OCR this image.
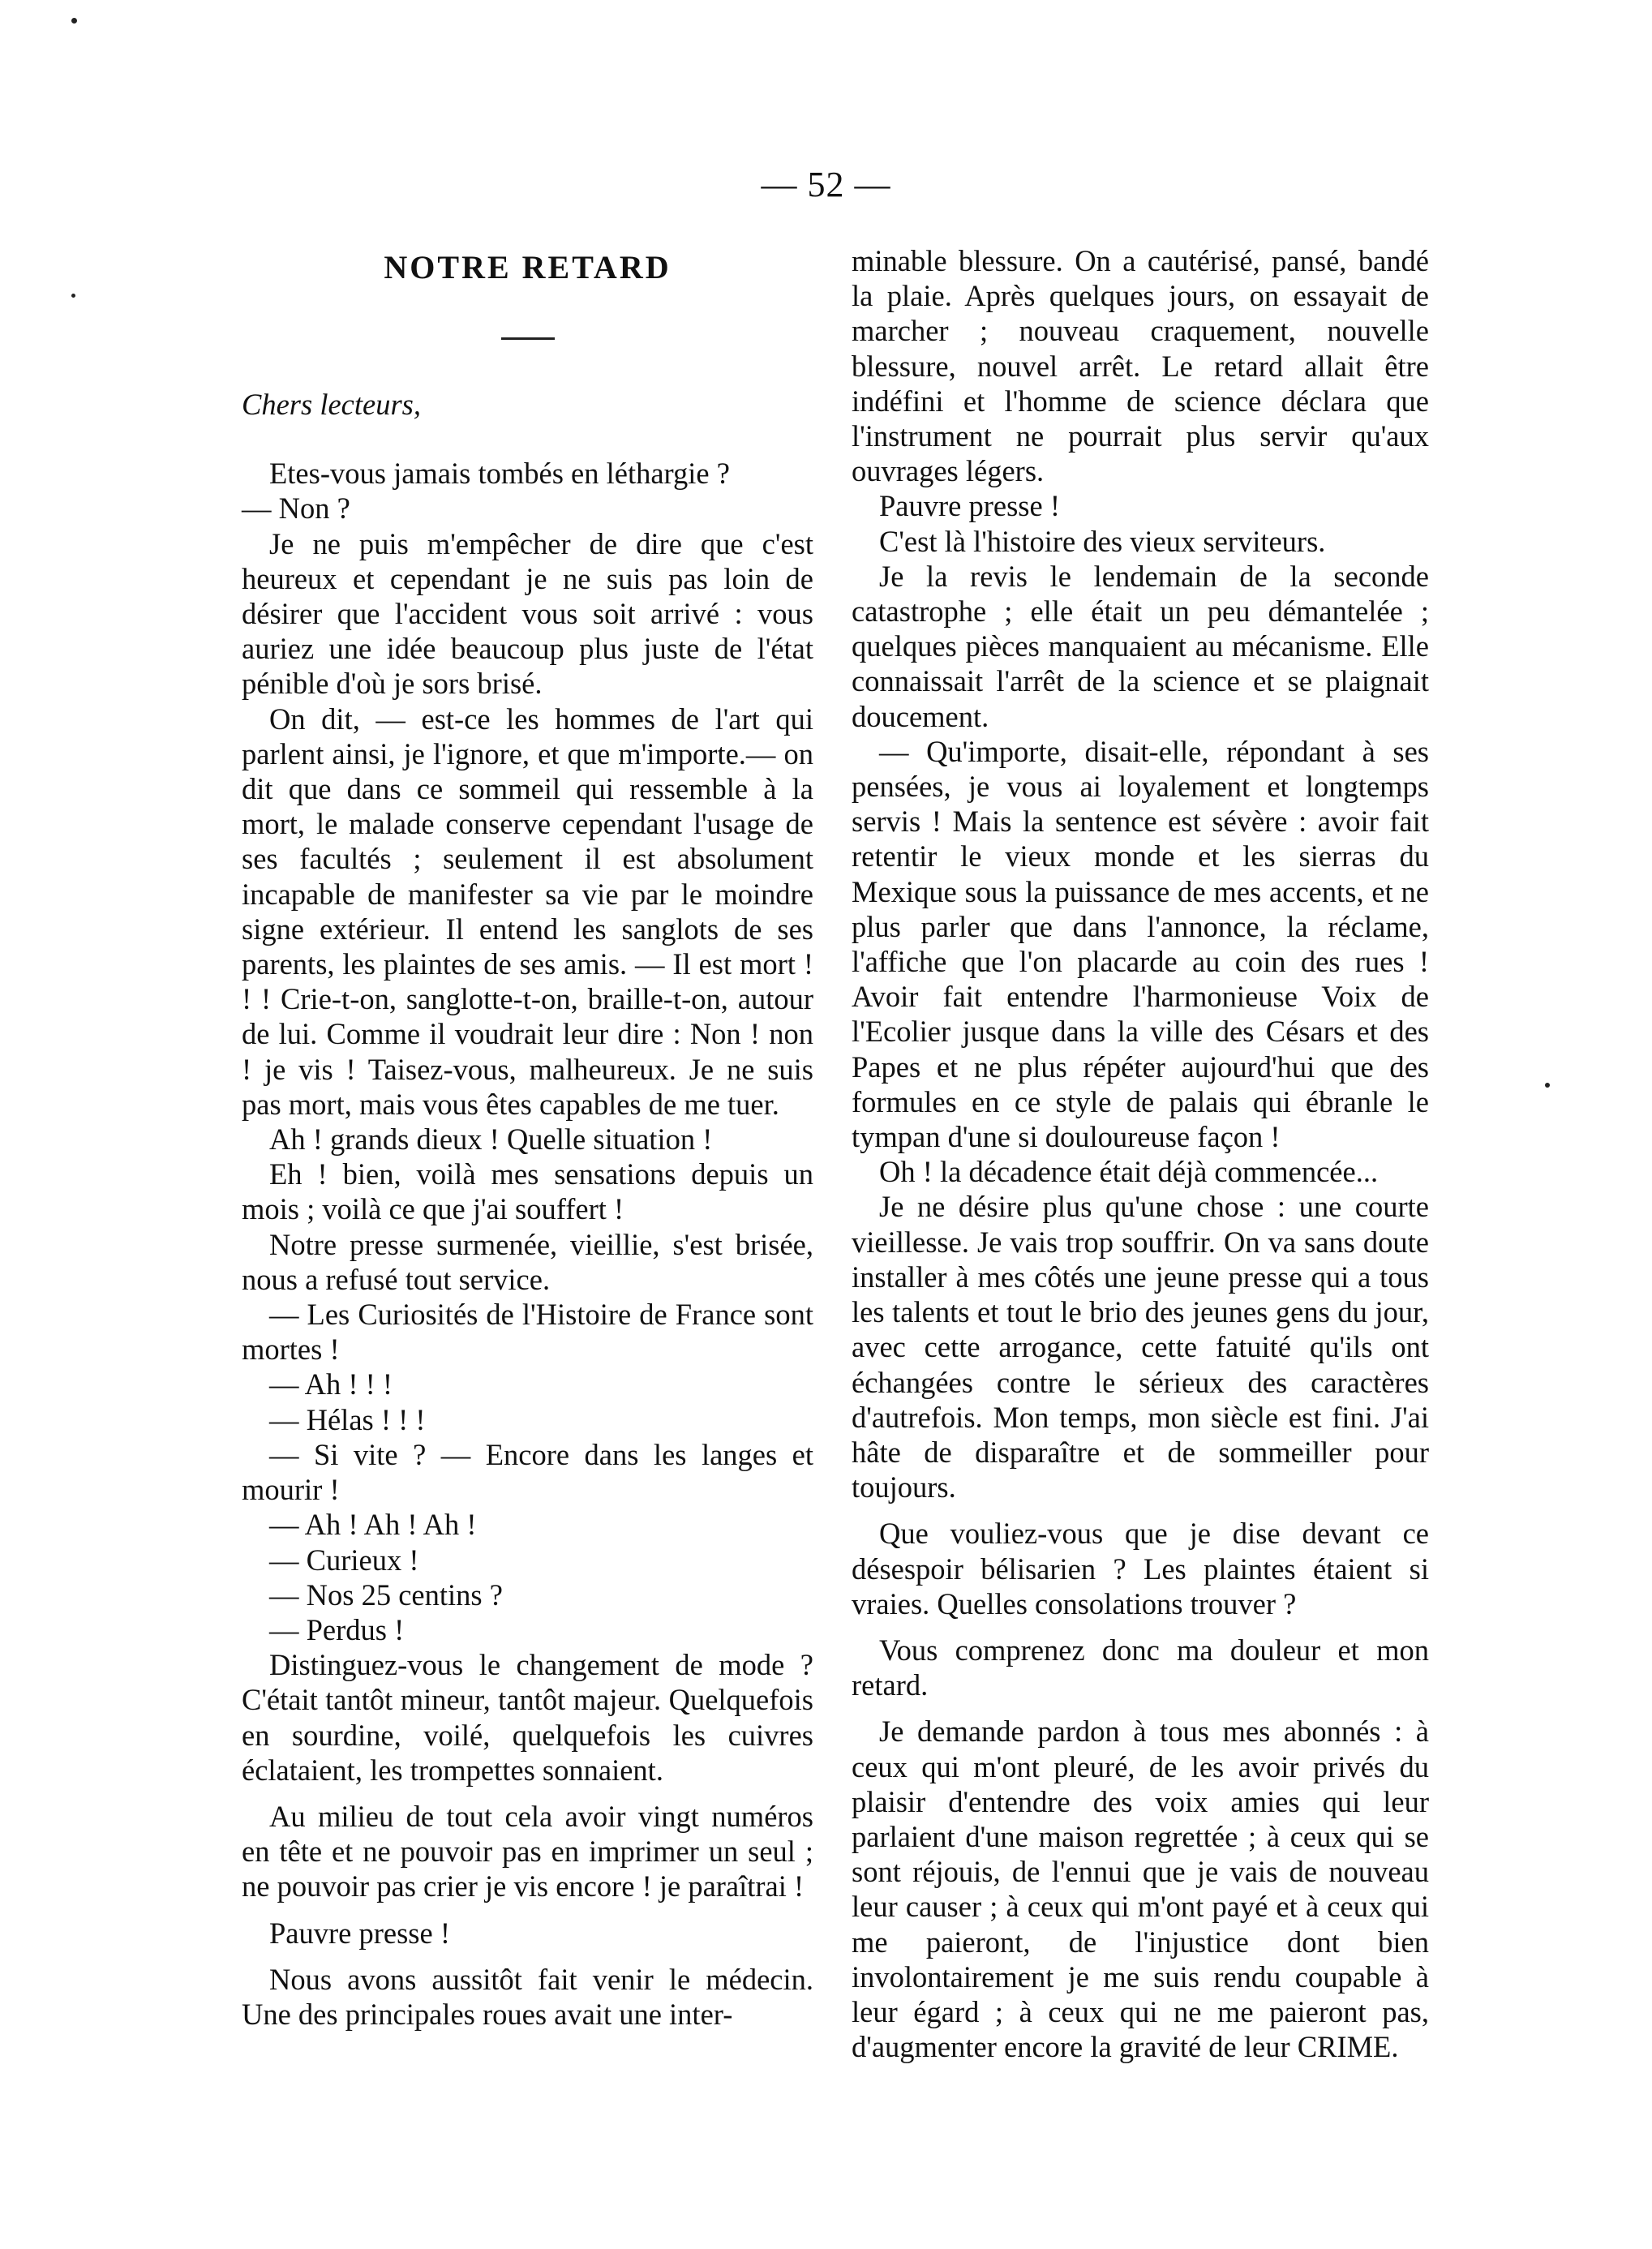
— 52 —
NOTRE RETARD
Chers lecteurs,

Etes-vous jamais tombés en léthargie ?

— Non ?

Je ne puis m'empêcher de dire que c'est heureux et cependant je ne suis pas loin de désirer que l'accident vous soit arrivé : vous auriez une idée beaucoup plus juste de l'état pénible d'où je sors brisé.

On dit, — est-ce les hommes de l'art qui parlent ainsi, je l'ignore, et que m'importe.— on dit que dans ce sommeil qui ressemble à la mort, le malade conserve cependant l'usage de ses facultés ; seulement il est absolument incapable de manifester sa vie par le moindre signe extérieur. Il entend les sanglots de ses parents, les plaintes de ses amis. — Il est mort ! ! ! Crie-t-on, sanglotte-t-on, braille-t-on, autour de lui. Comme il voudrait leur dire : Non ! non ! je vis ! Taisez-vous, malheureux. Je ne suis pas mort, mais vous êtes capables de me tuer.

Ah ! grands dieux ! Quelle situation !

Eh ! bien, voilà mes sensations depuis un mois ; voilà ce que j'ai souffert !

Notre presse surmenée, vieillie, s'est brisée, nous a refusé tout service.

— Les Curiosités de l'Histoire de France sont mortes !

— Ah ! ! !

— Hélas ! ! !

— Si vite ? — Encore dans les langes et mourir !

— Ah ! Ah ! Ah !

— Curieux !

— Nos 25 centins ?

— Perdus !

Distinguez-vous le changement de mode ? C'était tantôt mineur, tantôt majeur. Quelquefois en sourdine, voilé, quelquefois les cuivres éclataient, les trompettes sonnaient.

Au milieu de tout cela avoir vingt numéros en tête et ne pouvoir pas en imprimer un seul ; ne pouvoir pas crier je vis encore ! je paraîtrai !

Pauvre presse !

Nous avons aussitôt fait venir le médecin. Une des principales roues avait une inter-

minable blessure. On a cautérisé, pansé, bandé la plaie. Après quelques jours, on essayait de marcher ; nouveau craquement, nouvelle blessure, nouvel arrêt. Le retard allait être indéfini et l'homme de science déclara que l'instrument ne pourrait plus servir qu'aux ouvrages légers.

Pauvre presse !

C'est là l'histoire des vieux serviteurs.

Je la revis le lendemain de la seconde catastrophe ; elle était un peu démantelée ; quelques pièces manquaient au mécanisme. Elle connaissait l'arrêt de la science et se plaignait doucement.

— Qu'importe, disait-elle, répondant à ses pensées, je vous ai loyalement et longtemps servis ! Mais la sentence est sévère : avoir fait retentir le vieux monde et les sierras du Mexique sous la puissance de mes accents, et ne plus parler que dans l'annonce, la réclame, l'affiche que l'on placarde au coin des rues ! Avoir fait entendre l'harmonieuse Voix de l'Ecolier jusque dans la ville des Césars et des Papes et ne plus répéter aujourd'hui que des formules en ce style de palais qui ébranle le tympan d'une si douloureuse façon !

Oh ! la décadence était déjà commencée...

Je ne désire plus qu'une chose : une courte vieillesse. Je vais trop souffrir. On va sans doute installer à mes côtés une jeune presse qui a tous les talents et tout le brio des jeunes gens du jour, avec cette arrogance, cette fatuité qu'ils ont échangées contre le sérieux des caractères d'autrefois. Mon temps, mon siècle est fini. J'ai hâte de disparaître et de sommeiller pour toujours.

Que vouliez-vous que je dise devant ce désespoir bélisarien ? Les plaintes étaient si vraies. Quelles consolations trouver ?

Vous comprenez donc ma douleur et mon retard.

Je demande pardon à tous mes abonnés : à ceux qui m'ont pleuré, de les avoir privés du plaisir d'entendre des voix amies qui leur parlaient d'une maison regrettée ; à ceux qui se sont réjouis, de l'ennui que je vais de nouveau leur causer ; à ceux qui m'ont payé et à ceux qui me paieront, de l'injustice dont bien involontairement je me suis rendu coupable à leur égard ; à ceux qui ne me paieront pas, d'augmenter encore la gravité de leur CRIME.
